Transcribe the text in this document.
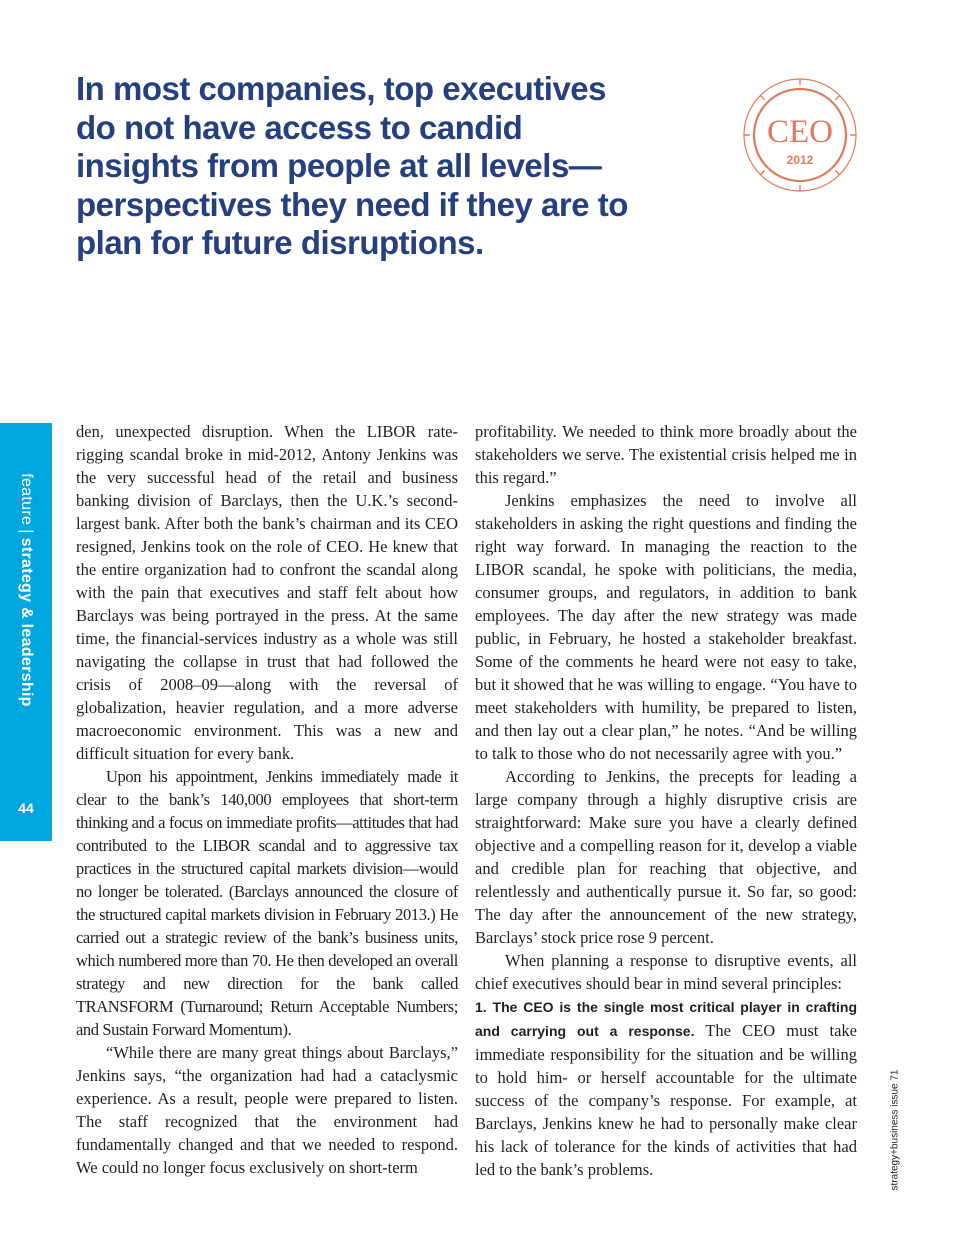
In most companies, top executives do not have access to candid insights from people at all levels—perspectives they need if they are to plan for future disruptions.
CEO
2012
feature|strategy & leadership
44

den, unexpected disruption. When the LIBOR rate-rigging scandal broke in mid-2012, Antony Jenkins was the very successful head of the retail and business banking division of Barclays, then the U.K.’s second-largest bank. After both the bank’s chairman and its CEO resigned, Jenkins took on the role of CEO. He knew that the entire organization had to confront the scandal along with the pain that executives and staff felt about how Barclays was being portrayed in the press. At the same time, the financial-services industry as a whole was still navigating the collapse in trust that had followed the crisis of 2008–09—along with the reversal of globalization, heavier regulation, and a more adverse macroeconomic environment. This was a new and difficult situation for every bank.

Upon his appointment, Jenkins immediately made it clear to the bank’s 140,000 employees that short-term thinking and a focus on immediate profits—attitudes that had contributed to the LIBOR scandal and to aggressive tax practices in the structured capital markets division—would no longer be tolerated. (Barclays announced the closure of the structured capital markets division in February 2013.) He carried out a strategic review of the bank’s business units, which numbered more than 70. He then developed an overall strategy and new direction for the bank called TRANSFORM (Turnaround; Return Acceptable Numbers; and Sustain Forward Momentum).

“While there are many great things about Barclays,” Jenkins says, “the organization had had a cataclysmic experience. As a result, people were prepared to listen. The staff recognized that the environment had fundamentally changed and that we needed to respond. We could no longer focus exclusively on short-term

profitability. We needed to think more broadly about the stakeholders we serve. The existential crisis helped me in this regard.”

Jenkins emphasizes the need to involve all stakeholders in asking the right questions and finding the right way forward. In managing the reaction to the LIBOR scandal, he spoke with politicians, the media, consumer groups, and regulators, in addition to bank employees. The day after the new strategy was made public, in February, he hosted a stakeholder breakfast. Some of the comments he heard were not easy to take, but it showed that he was willing to engage. “You have to meet stakeholders with humility, be prepared to listen, and then lay out a clear plan,” he notes. “And be willing to talk to those who do not necessarily agree with you.”

According to Jenkins, the precepts for leading a large company through a highly disruptive crisis are straightforward: Make sure you have a clearly defined objective and a compelling reason for it, develop a viable and credible plan for reaching that objective, and relentlessly and authentically pursue it. So far, so good: The day after the announcement of the new strategy, Barclays’ stock price rose 9 percent.

When planning a response to disruptive events, all chief executives should bear in mind several principles:

1. The CEO is the single most critical player in crafting and carrying out a response. The CEO must take immediate responsibility for the situation and be willing to hold him- or herself accountable for the ultimate success of the company’s response. For example, at Barclays, Jenkins knew he had to personally make clear his lack of tolerance for the kinds of activities that had led to the bank’s problems.	strategy+business issue 71
